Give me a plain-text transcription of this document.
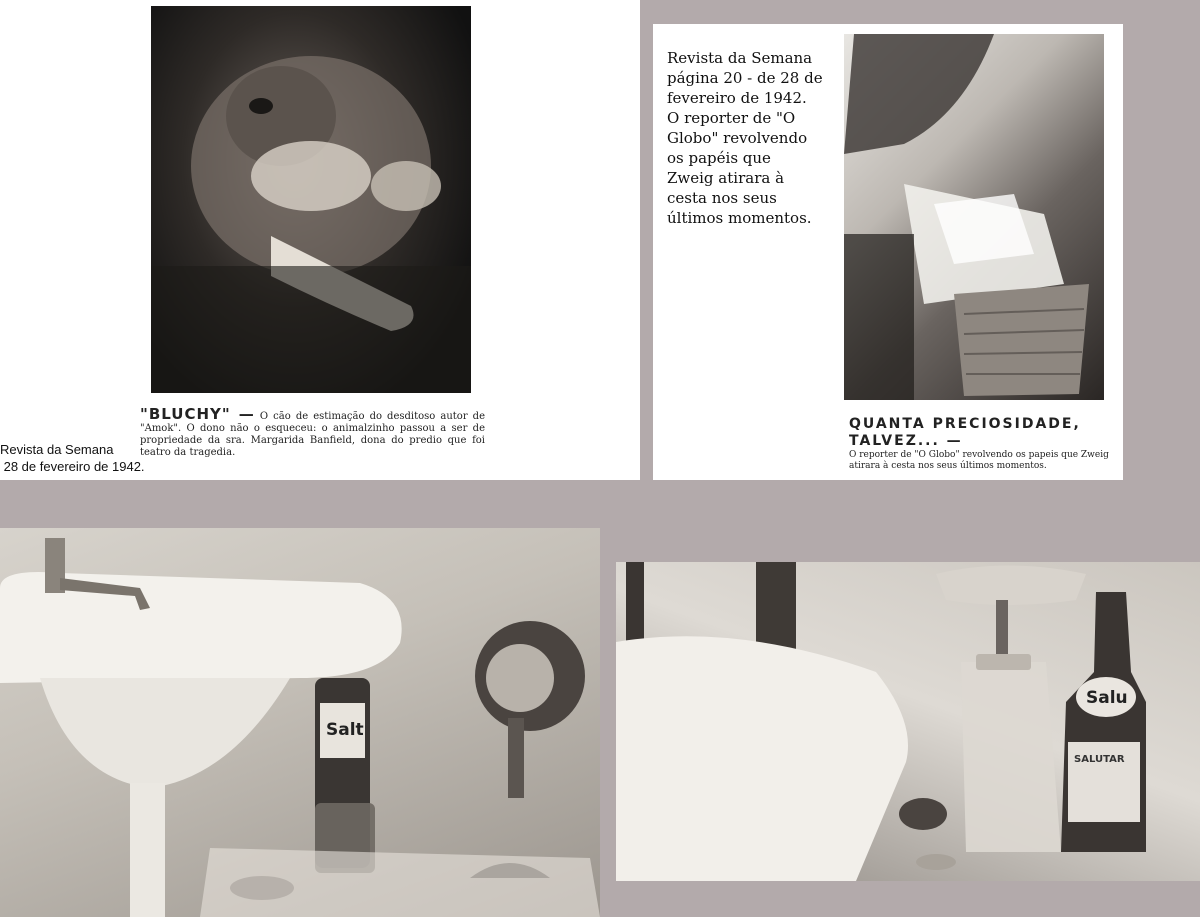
"BLUCHY" — O cão de estimação do desditoso autor de "Amok". O dono não o esqueceu: o animalzinho passou a ser de propriedade da sra. Margarida Banfield, dona do predio que foi teatro da tragedia.
Revista da Semana
28 de fevereiro de 1942.
Revista da Semana
página 20 - de 28 de
fevereiro de 1942.
O reporter de "O
Globo" revolvendo
os papéis que
Zweig atirara à
cesta nos seus
últimos momentos.
QUANTA PRECIOSIDADE, TALVEZ... —
O reporter de "O Globo" revolvendo os papeis que Zweig atirara à cesta nos seus últimos momentos.
Salt
Salu
SALUTAR
